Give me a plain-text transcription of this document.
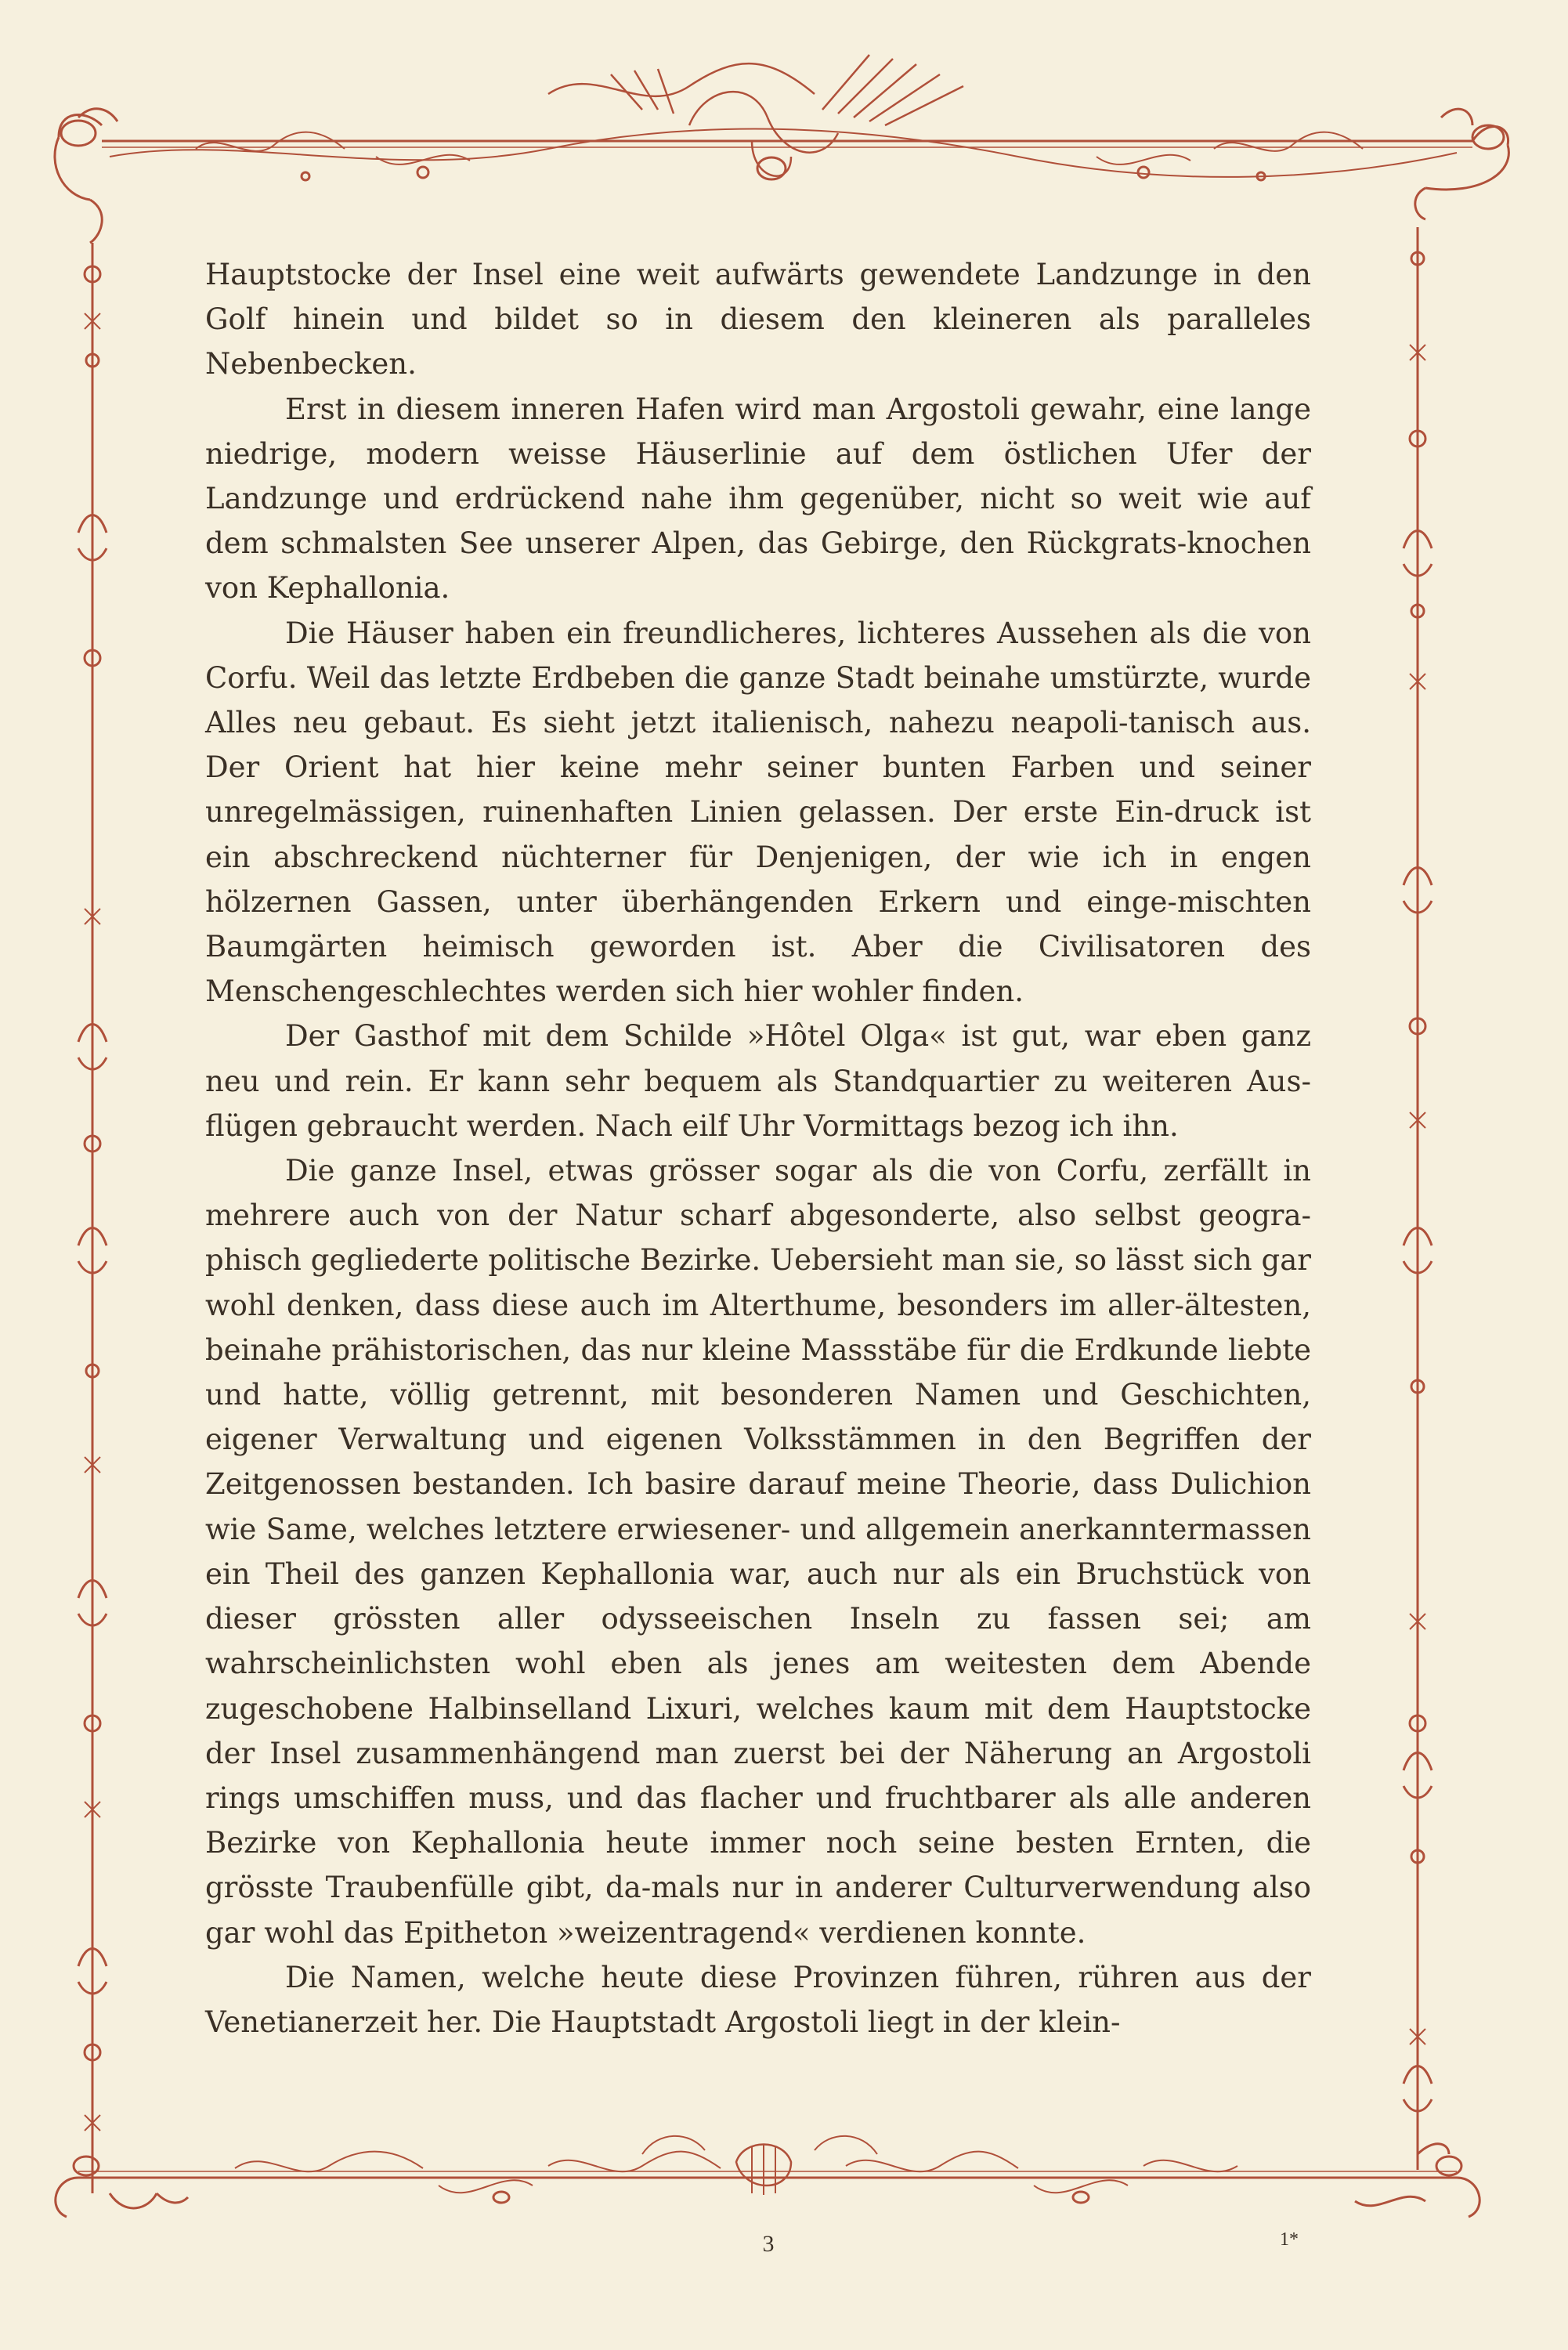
Hauptstocke der Insel eine weit aufwärts gewendete Landzunge in den Golf hinein und bildet so in diesem den kleineren als paralleles Nebenbecken.

Erst in diesem inneren Hafen wird man Argostoli gewahr, eine lange niedrige, modern weisse Häuserlinie auf dem östlichen Ufer der Landzunge und erdrückend nahe ihm gegenüber, nicht so weit wie auf dem schmalsten See unserer Alpen, das Gebirge, den Rückgrats-knochen von Kephallonia.

Die Häuser haben ein freundlicheres, lichteres Aussehen als die von Corfu. Weil das letzte Erdbeben die ganze Stadt beinahe umstürzte, wurde Alles neu gebaut. Es sieht jetzt italienisch, nahezu neapoli-tanisch aus. Der Orient hat hier keine mehr seiner bunten Farben und seiner unregelmässigen, ruinenhaften Linien gelassen. Der erste Ein-druck ist ein abschreckend nüchterner für Denjenigen, der wie ich in engen hölzernen Gassen, unter überhängenden Erkern und einge-mischten Baumgärten heimisch geworden ist. Aber die Civilisatoren des Menschengeschlechtes werden sich hier wohler finden.

Der Gasthof mit dem Schilde »Hôtel Olga« ist gut, war eben ganz neu und rein. Er kann sehr bequem als Standquartier zu weiteren Aus-flügen gebraucht werden. Nach eilf Uhr Vormittags bezog ich ihn.

Die ganze Insel, etwas grösser sogar als die von Corfu, zerfällt in mehrere auch von der Natur scharf abgesonderte, also selbst geogra-phisch gegliederte politische Bezirke. Uebersieht man sie, so lässt sich gar wohl denken, dass diese auch im Alterthume, besonders im aller-ältesten, beinahe prähistorischen, das nur kleine Massstäbe für die Erdkunde liebte und hatte, völlig getrennt, mit besonderen Namen und Geschichten, eigener Verwaltung und eigenen Volksstämmen in den Begriffen der Zeitgenossen bestanden. Ich basire darauf meine Theorie, dass Dulichion wie Same, welches letztere erwiesener- und allgemein anerkanntermassen ein Theil des ganzen Kephallonia war, auch nur als ein Bruchstück von dieser grössten aller odysseeischen Inseln zu fassen sei; am wahrscheinlichsten wohl eben als jenes am weitesten dem Abende zugeschobene Halbinselland Lixuri, welches kaum mit dem Hauptstocke der Insel zusammenhängend man zuerst bei der Näherung an Argostoli rings umschiffen muss, und das flacher und fruchtbarer als alle anderen Bezirke von Kephallonia heute immer noch seine besten Ernten, die grösste Traubenfülle gibt, da-mals nur in anderer Culturverwendung also gar wohl das Epitheton »weizentragend« verdienen konnte.

Die Namen, welche heute diese Provinzen führen, rühren aus der Venetianerzeit her. Die Hauptstadt Argostoli liegt in der klein-

3	1*
